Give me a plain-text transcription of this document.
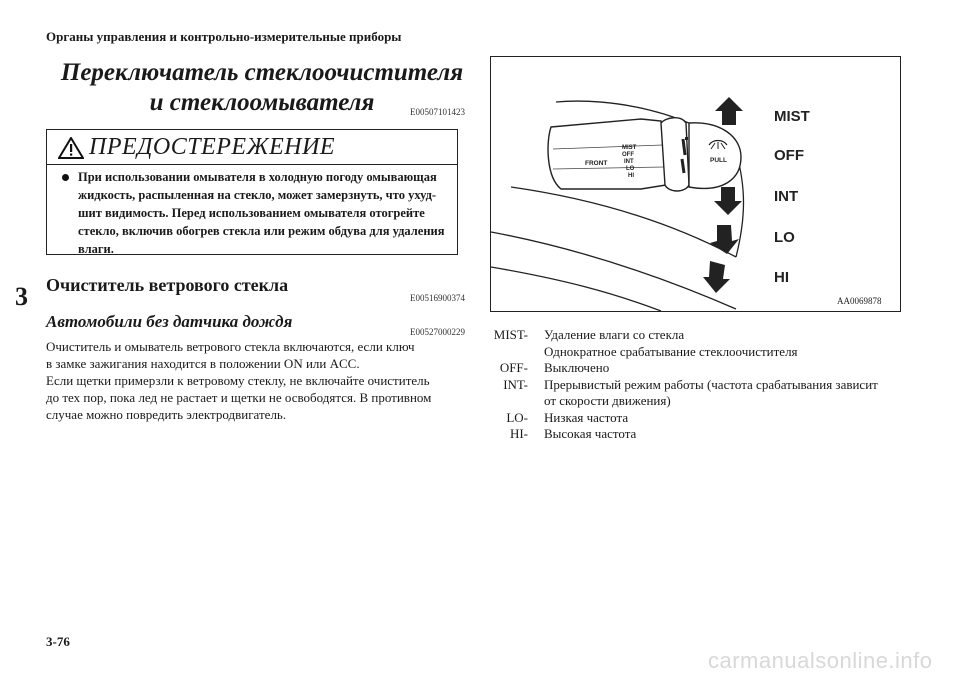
Органы управления и контрольно-измерительные приборы
3
Переключатель стеклоочистителя
и стеклоомывателя	E00507101423
ПРЕДОСТЕРЕЖЕНИЕ
При использовании омывателя в холодную погоду омывающая
жидкость, распыленная на стекло, может замерзнуть, что ухуд-
шит видимость. Перед использованием омывателя отогрейте
стекло, включив обогрев стекла или режим обдува для удаления
влаги.
Очиститель ветрового стекла
E00516900374
Автомобили без датчика дождя
E00527000229
Очиститель и омыватель ветрового стекла включаются, если ключ
в замке зажигания находится в положении ON или ACC.
Если щетки примерзли к ветровому стеклу, не включайте очиститель
до тех пор, пока лед не растает и щетки не освободятся. В противном
случае можно повредить электродвигатель.
FRONT
MIST
OFF
INT
LO
HI
PULL
MIST
OFF
INT
LO
HI
AA0069878
MIST- Удаление влаги со стекла
Однократное срабатывание стеклоочистителя
OFF- Выключено
INT- Прерывистый режим работы (частота срабатывания зависит
от скорости движения)
LO- Низкая частота
HI- Высокая частота
3-76
carmanualsonline.info
